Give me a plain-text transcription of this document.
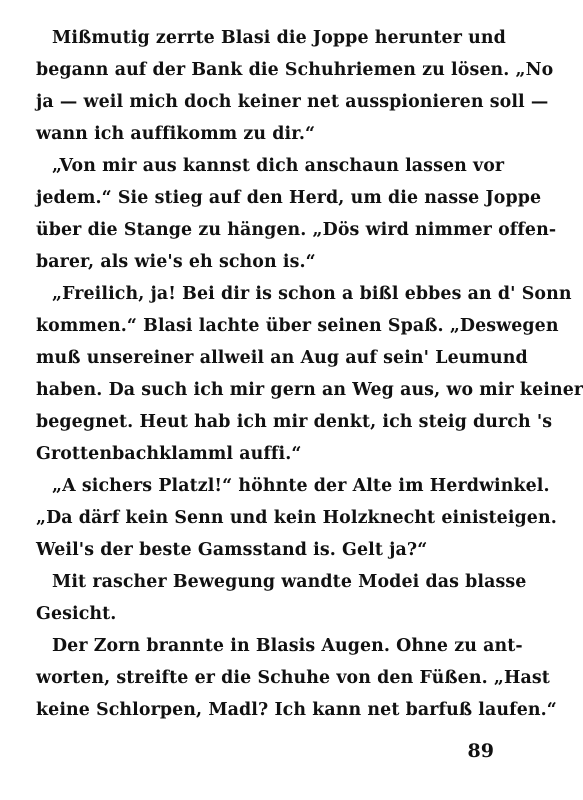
Mißmutig zerrte Blasi die Joppe herunter und
begann auf der Bank die Schuhriemen zu lösen. „No
ja — weil mich doch keiner net ausspionieren soll —
wann ich auffikomm zu dir.“
„Von mir aus kannst dich anschaun lassen vor
jedem.“ Sie stieg auf den Herd, um die nasse Joppe
über die Stange zu hängen. „Dös wird nimmer offen-
barer, als wie's eh schon is.“
„Freilich, ja! Bei dir is schon a bißl ebbes an d' Sonn
kommen.“ Blasi lachte über seinen Spaß. „Deswegen
muß unsereiner allweil an Aug auf sein' Leumund
haben. Da such ich mir gern an Weg aus, wo mir keiner
begegnet. Heut hab ich mir denkt, ich steig durch 's
Grottenbachklamml auffi.“
„A sichers Platzl!“ höhnte der Alte im Herdwinkel.
„Da därf kein Senn und kein Holzknecht einisteigen.
Weil's der beste Gamsstand is. Gelt ja?“
Mit rascher Bewegung wandte Modei das blasse
Gesicht.
Der Zorn brannte in Blasis Augen. Ohne zu ant-
worten, streifte er die Schuhe von den Füßen. „Hast
keine Schlorpen, Madl? Ich kann net barfuß laufen.“
89
